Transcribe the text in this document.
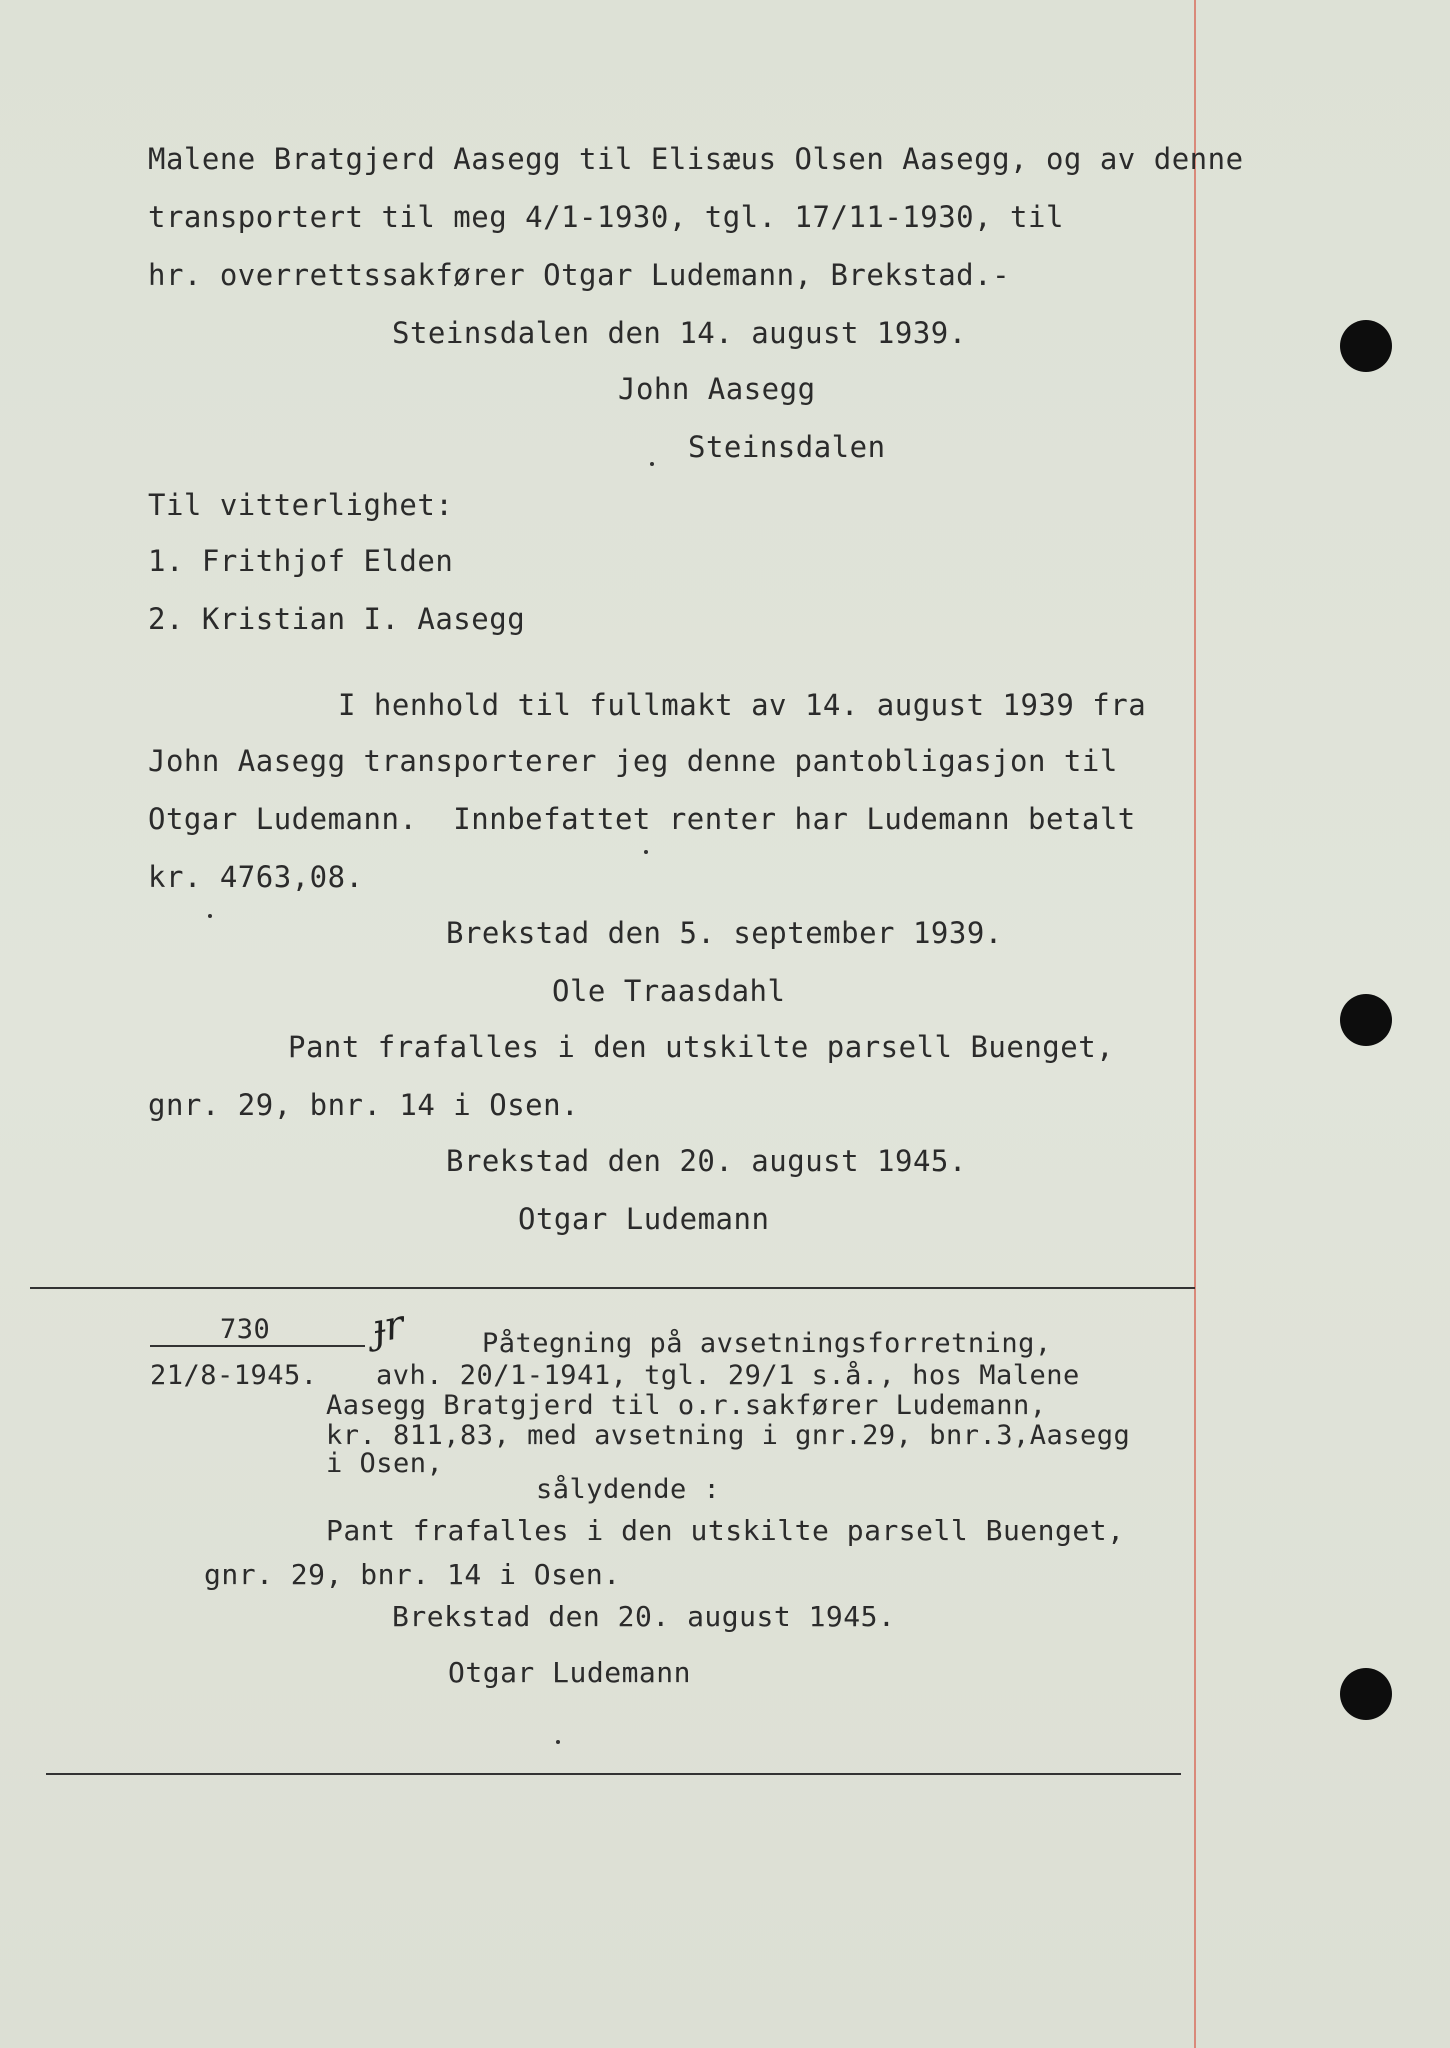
Malene Bratgjerd Aasegg til Elisæus Olsen Aasegg, og av denne
transportert til meg 4/1-1930, tgl. 17/11-1930, til
hr. overrettssakfører Otgar Ludemann, Brekstad.-
Steinsdalen den 14. august 1939.
John Aasegg
Steinsdalen
Til vitterlighet:
1. Frithjof Elden
2. Kristian I. Aasegg
I henhold til fullmakt av 14. august 1939 fra
John Aasegg transporterer jeg denne pantobligasjon til
Otgar Ludemann.  Innbefattet renter har Ludemann betalt
kr. 4763,08.
Brekstad den 5. september 1939.
Ole Traasdahl
Pant frafalles i den utskilte parsell Buenget,
gnr. 29, bnr. 14 i Osen.
Brekstad den 20. august 1945.
Otgar Ludemann
730 ɟr
21/8-1945.
Påtegning på avsetningsforretning,
avh. 20/1-1941, tgl. 29/1 s.å., hos Malene
Aasegg Bratgjerd til o.r.sakfører Ludemann,
kr. 811,83, med avsetning i gnr.29, bnr.3,Aasegg
i Osen,
sålydende :
Pant frafalles i den utskilte parsell Buenget,
gnr. 29, bnr. 14 i Osen.
Brekstad den 20. august 1945.
Otgar Ludemann
